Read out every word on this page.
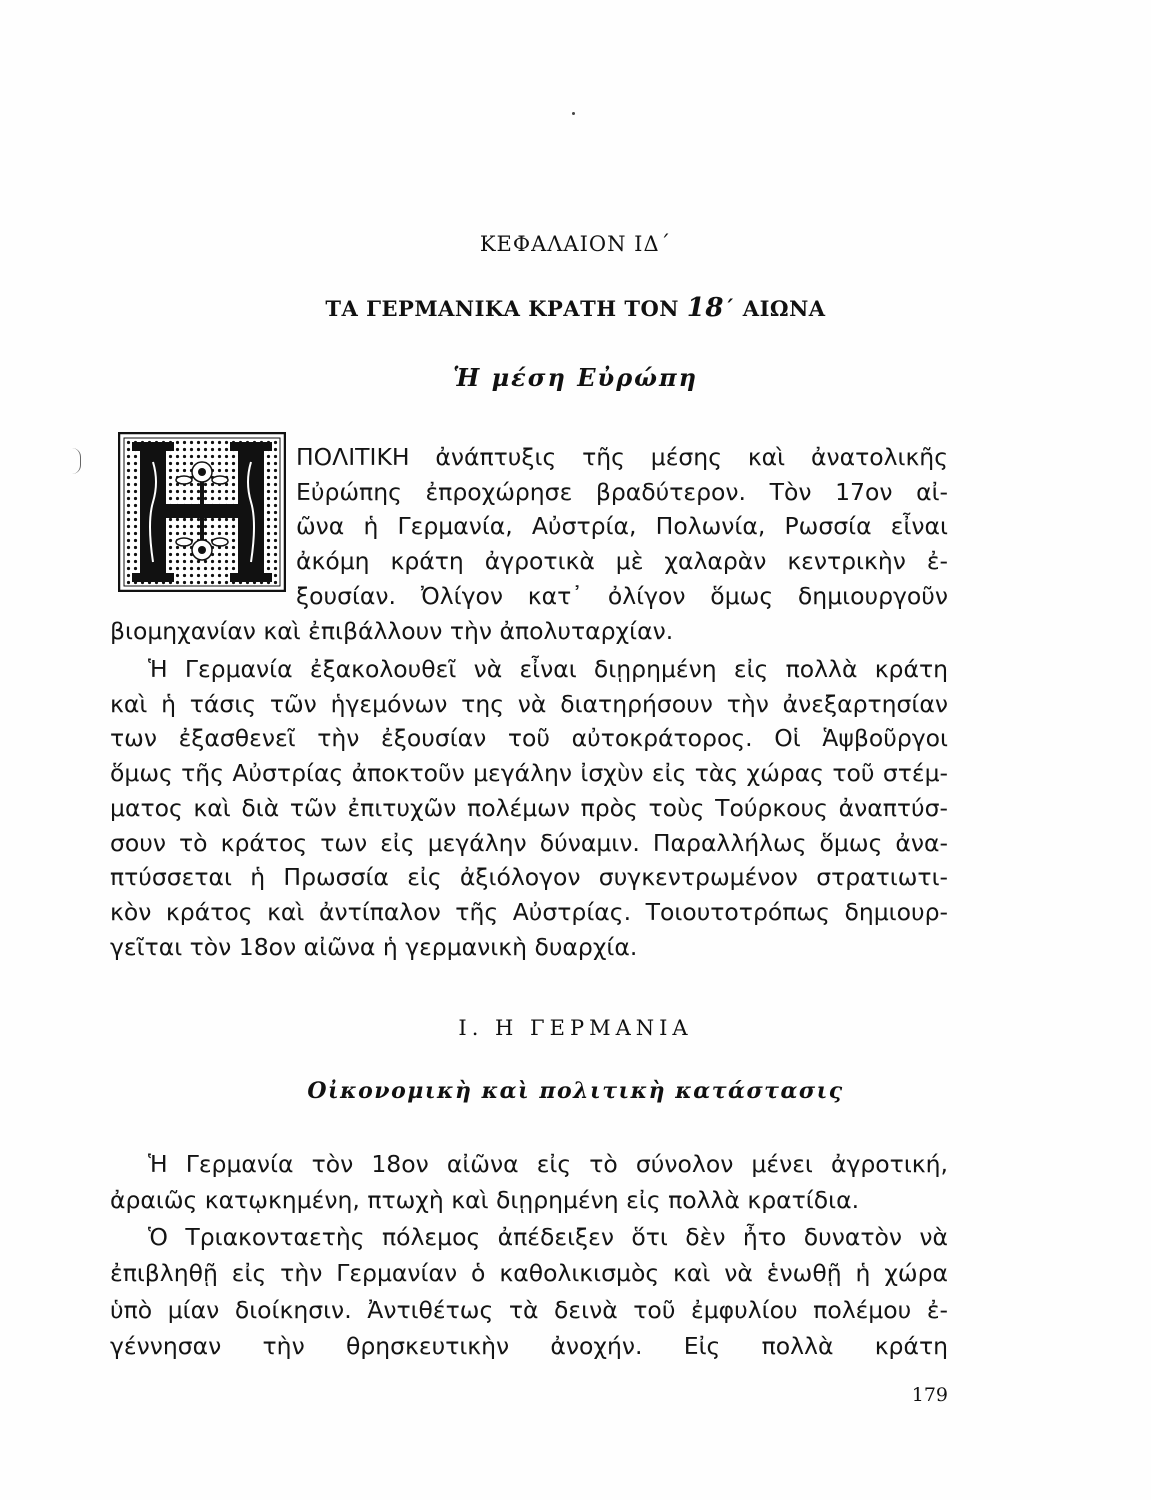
ΚΕΦΑΛΑΙΟΝ ΙΔ΄
ΤΑ ΓΕΡΜΑΝΙΚΑ ΚΡΑΤΗ ΤΟΝ 18΄ ΑΙΩΝΑ
Ἡ μέση Εὐρώπη
ΠΟΛΙΤΙΚΗ ἀνάπτυξις τῆς μέσης καὶ ἀνατολικῆς
Εὐρώπης ἐπροχώρησε βραδύτερον. Τὸν 17ον αἰ-
ῶνα ἡ Γερμανία, Αὐστρία, Πολωνία, Ρωσσία εἶναι
ἀκόμη κράτη ἀγροτικὰ μὲ χαλαρὰν κεντρικὴν ἐ-
ξουσίαν. Ὀλίγον κατ᾽ ὀλίγον ὅμως δημιουργοῦν
βιομηχανίαν καὶ ἐπιβάλλουν τὴν ἀπολυταρχίαν.
Ἡ Γερμανία ἐξακολουθεῖ νὰ εἶναι διῃρημένη εἰς πολλὰ κράτη
καὶ ἡ τάσις τῶν ἡγεμόνων της νὰ διατηρήσουν τὴν ἀνεξαρτησίαν
των ἐξασθενεῖ τὴν ἐξουσίαν τοῦ αὐτοκράτορος. Οἱ Ἁψβοῦργοι
ὅμως τῆς Αὐστρίας ἀποκτοῦν μεγάλην ἰσχὺν εἰς τὰς χώρας τοῦ στέμ-
ματος καὶ διὰ τῶν ἐπιτυχῶν πολέμων πρὸς τοὺς Τούρκους ἀναπτύσ-
σουν τὸ κράτος των εἰς μεγάλην δύναμιν. Παραλλήλως ὅμως ἀνα-
πτύσσεται ἡ Πρωσσία εἰς ἀξιόλογον συγκεντρωμένον στρατιωτι-
κὸν κράτος καὶ ἀντίπαλον τῆς Αὐστρίας. Τοιουτοτρόπως δημιουρ-
γεῖται τὸν 18ον αἰῶνα ἡ γερμανικὴ δυαρχία.
Ι. Η ΓΕΡΜΑΝΙΑ
Οἰκονομικὴ καὶ πολιτικὴ κατάστασις
Ἡ Γερμανία τὸν 18ον αἰῶνα εἰς τὸ σύνολον μένει ἀγροτική,
ἀραιῶς κατῳκημένη, πτωχὴ καὶ διῃρημένη εἰς πολλὰ κρατίδια.
Ὁ Τριακονταετὴς πόλεμος ἀπέδειξεν ὅτι δὲν ἦτο δυνατὸν νὰ
ἐπιβληθῇ εἰς τὴν Γερμανίαν ὁ καθολικισμὸς καὶ νὰ ἑνωθῇ ἡ χώρα
ὑπὸ μίαν διοίκησιν. Ἀντιθέτως τὰ δεινὰ τοῦ ἐμφυλίου πολέμου ἐ-
γέννησαν τὴν θρησκευτικὴν ἀνοχήν. Εἰς πολλὰ κράτη
179
